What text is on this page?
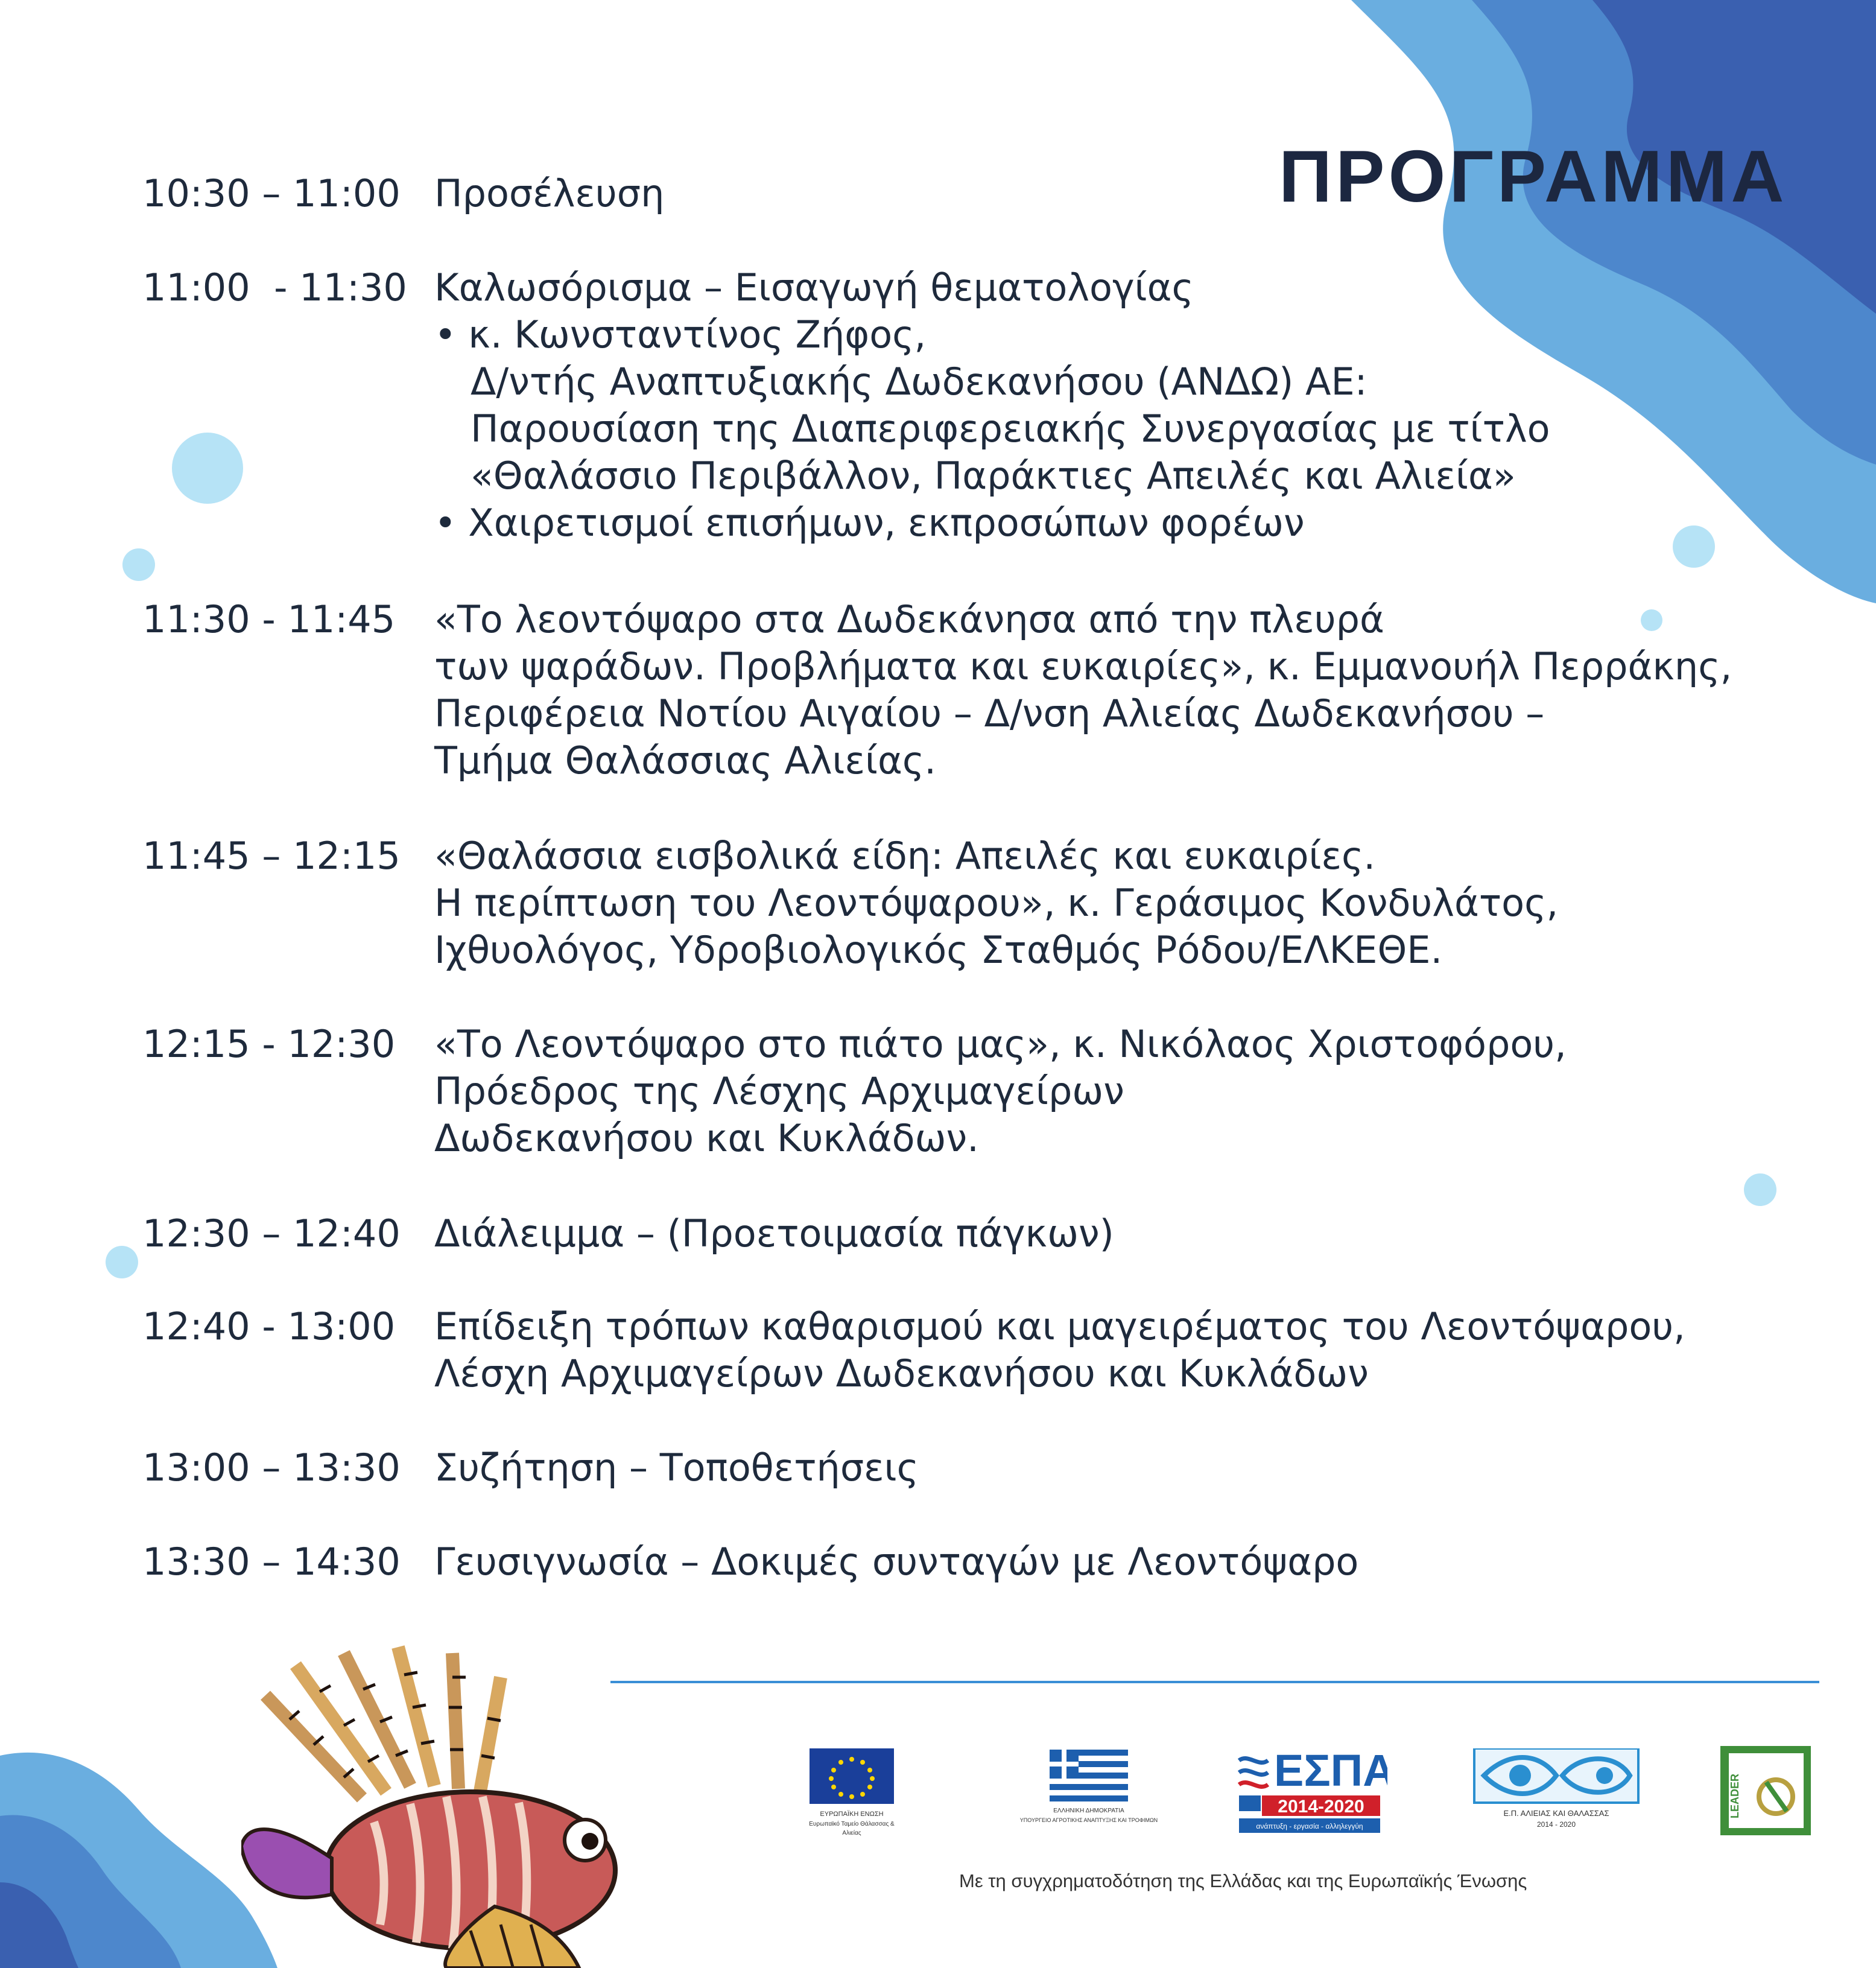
ΠΡΟΓΡΑΜΜΑ
10:30 – 11:00 Προσέλευση
11:00  - 11:30 Καλωσόρισμα – Εισαγωγή θεματολογίας
• κ. Κωνσταντίνος Ζήφος,
Δ/ντής Αναπτυξιακής Δωδεκανήσου (ΑΝΔΩ) ΑΕ:
Παρουσίαση της Διαπεριφερειακής Συνεργασίας με τίτλο
«Θαλάσσιο Περιβάλλον, Παράκτιες Απειλές και Αλιεία»
• Χαιρετισμοί επισήμων, εκπροσώπων φορέων
11:30 - 11:45	«Το λεοντόψαρο στα Δωδεκάνησα από την πλευρά
των ψαράδων. Προβλήματα και ευκαιρίες», κ. Εμμανουήλ Περράκης,
Περιφέρεια Νοτίου Αιγαίου – Δ/νση Αλιείας Δωδεκανήσου –
Τμήμα Θαλάσσιας Αλιείας.
11:45 – 12:15 «Θαλάσσια εισβολικά είδη: Απειλές και ευκαιρίες.
Η περίπτωση του Λεοντόψαρου», κ. Γεράσιμος Κονδυλάτος,
Ιχθυολόγος, Υδροβιολογικός Σταθμός Ρόδου/ΕΛΚΕΘΕ.
12:15 - 12:30	«Το Λεοντόψαρο στο πιάτο μας», κ. Νικόλαος Χριστοφόρου,
Πρόεδρος της Λέσχης Αρχιμαγείρων
Δωδεκανήσου και Κυκλάδων.
12:30 – 12:40 Διάλειμμα – (Προετοιμασία πάγκων)
12:40 - 13:00	Επίδειξη τρόπων καθαρισμού και μαγειρέματος του Λεοντόψαρου,
Λέσχη Αρχιμαγείρων Δωδεκανήσου και Κυκλάδων
13:00 – 13:30 Συζήτηση – Τοποθετήσεις
13:30 – 14:30 Γευσιγνωσία – Δοκιμές συνταγών με Λεοντόψαρο
ΕΥΡΩΠΑΪΚΗ ΕΝΩΣΗ
Ευρωπαϊκό Ταμείο Θάλασσας &
Αλιείας
ΕΛΛΗΝΙΚΗ ΔΗΜΟΚΡΑΤΙΑ
ΥΠΟΥΡΓΕΙΟ ΑΓΡΟΤΙΚΗΣ ΑΝΑΠΤΥΞΗΣ ΚΑΙ ΤΡΟΦΙΜΩΝ
ΕΣΠΑ
2014-2020
ανάπτυξη - εργασία - αλληλεγγύη
Ε.Π. ΑΛΙΕΙΑΣ ΚΑΙ ΘΑΛΑΣΣΑΣ
2014 - 2020
LEADER
Με τη συγχρηματοδότηση της Ελλάδας και της Ευρωπαϊκής Ένωσης
